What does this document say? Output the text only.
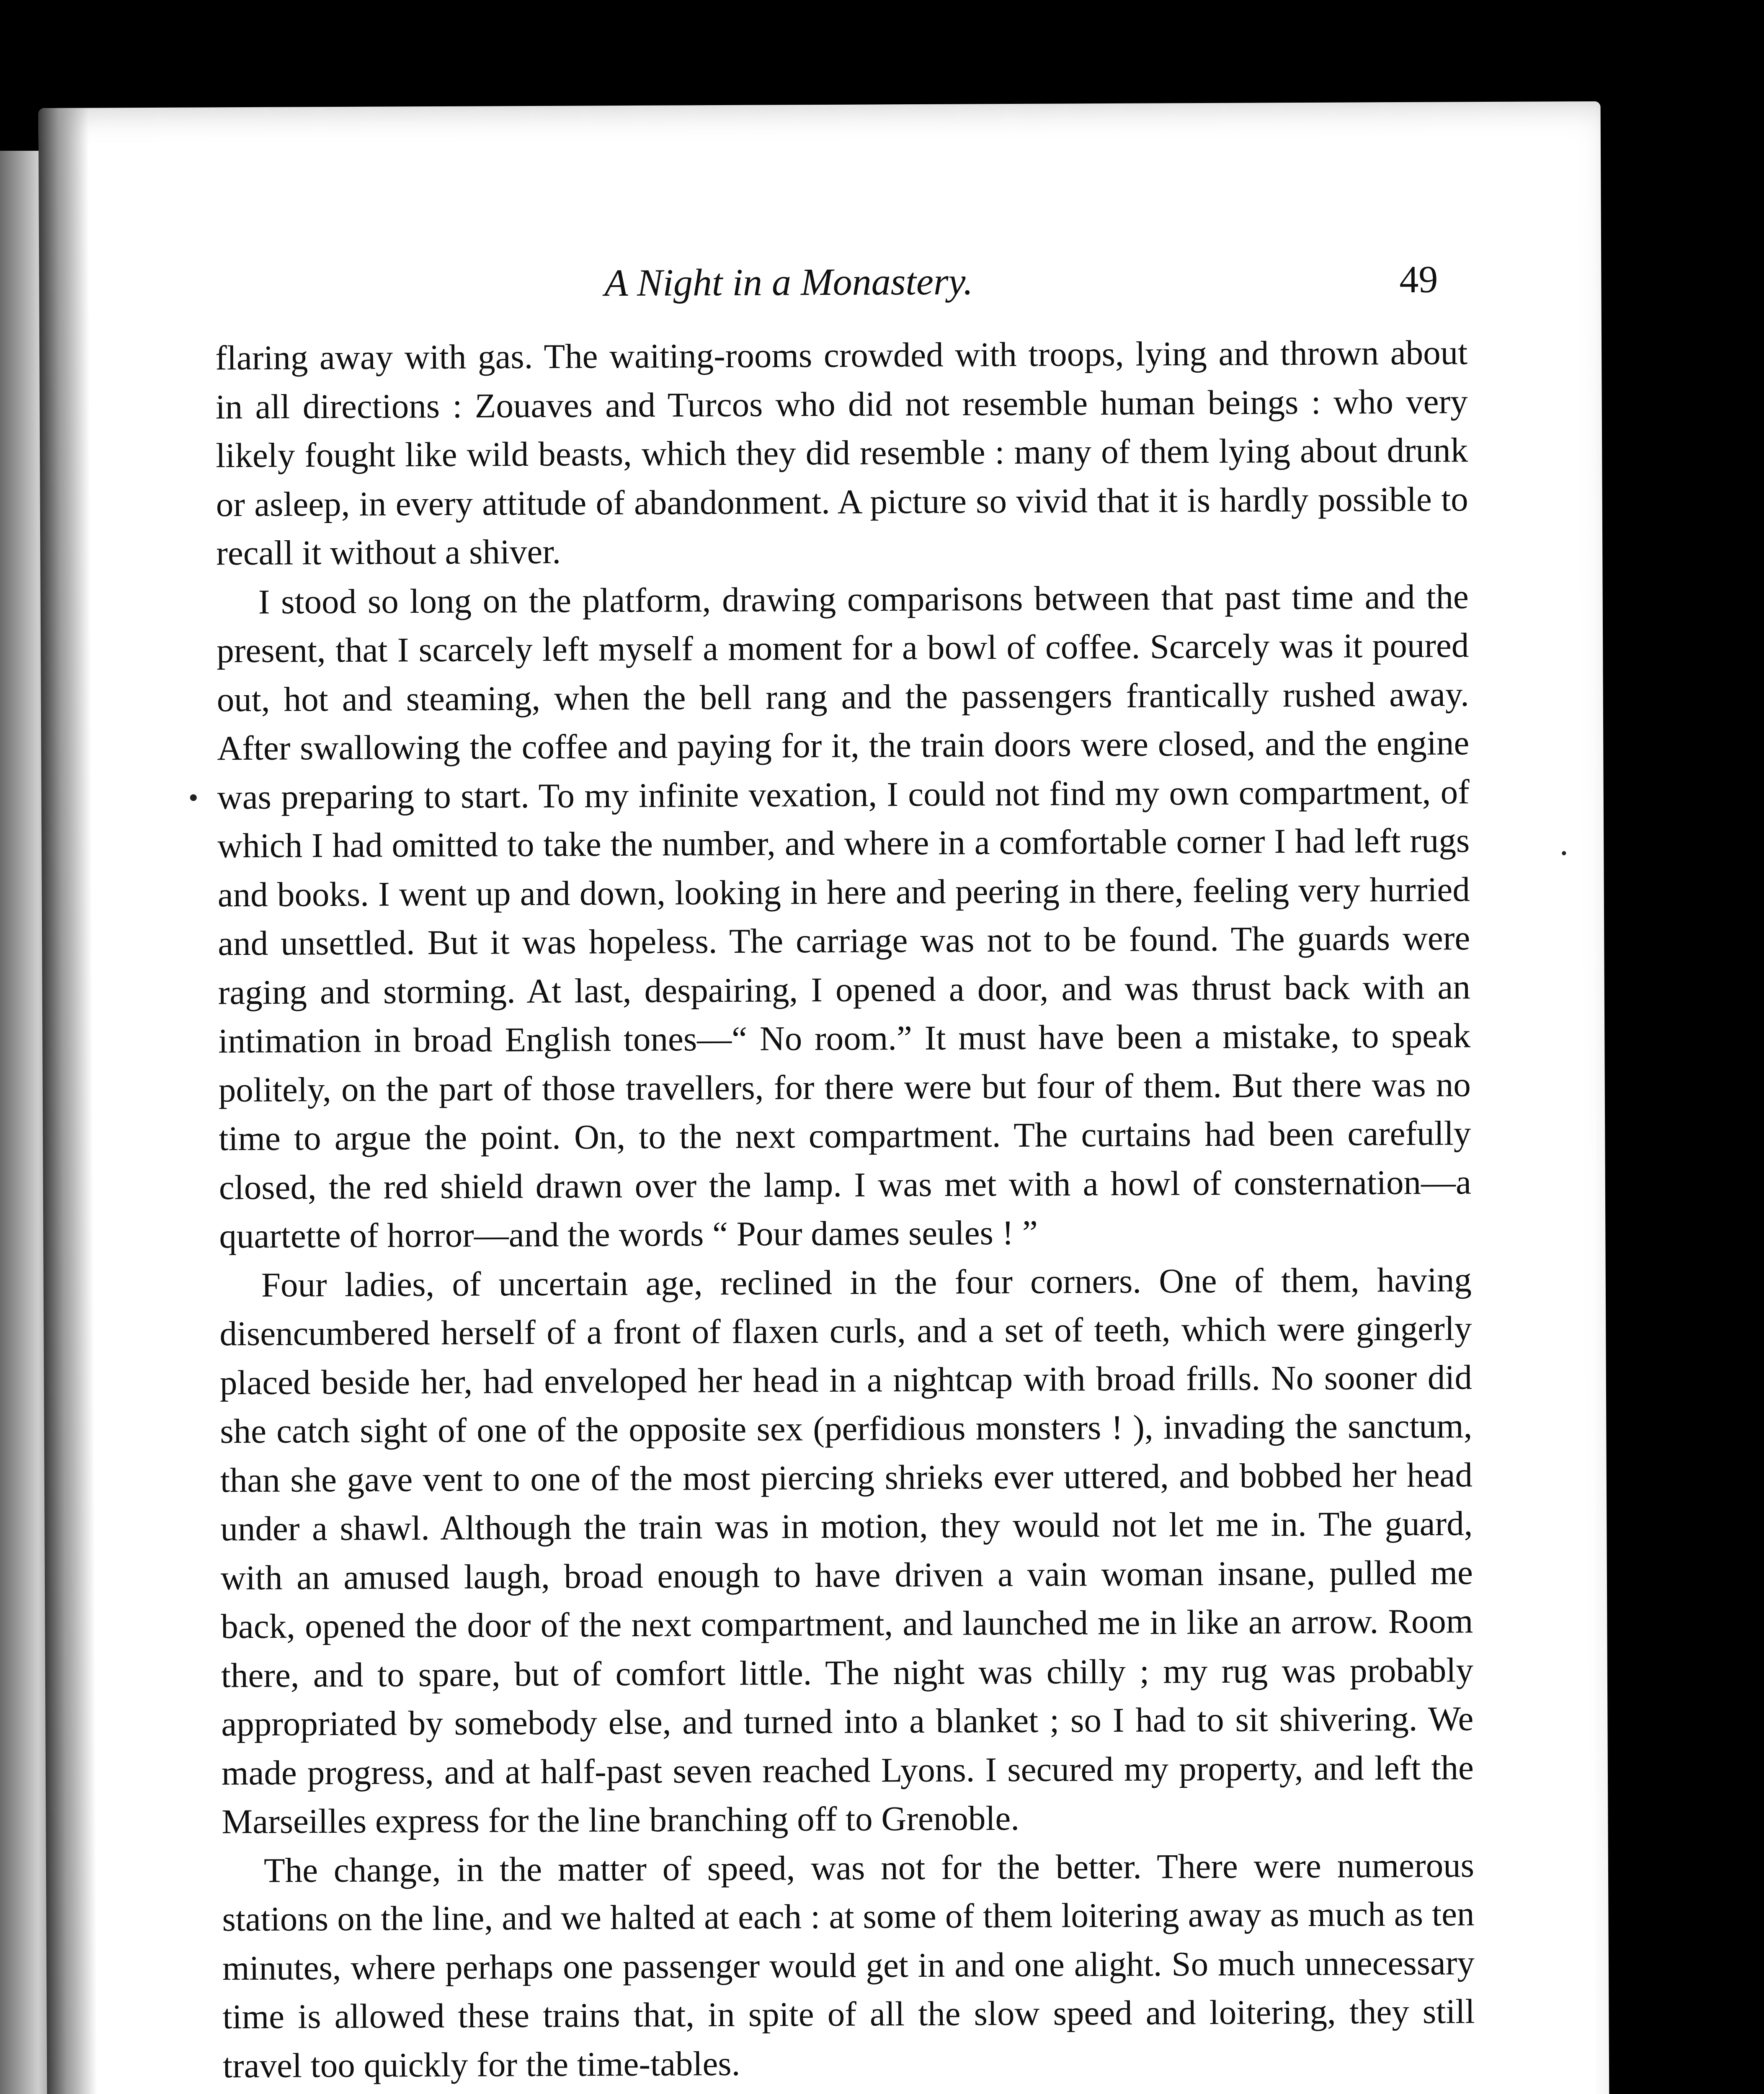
A Night in a Monastery.	49

flaring away with gas. The waiting-rooms crowded with troops, lying and thrown about in all directions : Zouaves and Turcos who did not resemble human beings : who very likely fought like wild beasts, which they did resemble : many of them lying about drunk or asleep, in every attitude of abandonment. A picture so vivid that it is hardly possible to recall it without a shiver.

I stood so long on the platform, drawing comparisons between that past time and the present, that I scarcely left myself a moment for a bowl of coffee. Scarcely was it poured out, hot and steaming, when the bell rang and the passengers frantically rushed away. After swallowing the coffee and paying for it, the train doors were closed, and the engine was preparing to start. To my infinite vexation, I could not find my own compartment, of which I had omitted to take the number, and where in a comfortable corner I had left rugs and books. I went up and down, looking in here and peering in there, feeling very hurried and unsettled. But it was hopeless. The carriage was not to be found. The guards were raging and storming. At last, despairing, I opened a door, and was thrust back with an intimation in broad English tones—“ No room.” It must have been a mistake, to speak politely, on the part of those travellers, for there were but four of them. But there was no time to argue the point. On, to the next compartment. The curtains had been carefully closed, the red shield drawn over the lamp. I was met with a howl of consternation—a quartette of horror—and the words “ Pour dames seules ! ”

Four ladies, of uncertain age, reclined in the four corners. One of them, having disencumbered herself of a front of flaxen curls, and a set of teeth, which were gingerly placed beside her, had enveloped her head in a nightcap with broad frills. No sooner did she catch sight of one of the opposite sex (perfidious monsters ! ), invading the sanctum, than she gave vent to one of the most piercing shrieks ever uttered, and bobbed her head under a shawl. Although the train was in motion, they would not let me in. The guard, with an amused laugh, broad enough to have driven a vain woman insane, pulled me back, opened the door of the next compartment, and launched me in like an arrow. Room there, and to spare, but of comfort little. The night was chilly ; my rug was probably appropriated by somebody else, and turned into a blanket ; so I had to sit shivering. We made progress, and at half-past seven reached Lyons. I secured my property, and left the Marseilles express for the line branching off to Grenoble.

The change, in the matter of speed, was not for the better. There were numerous stations on the line, and we halted at each : at some of them loitering away as much as ten minutes, where perhaps one passenger would get in and one alight. So much unnecessary time is allowed these trains that, in spite of all the slow speed and loitering, they still travel too quickly for the time-tables.
